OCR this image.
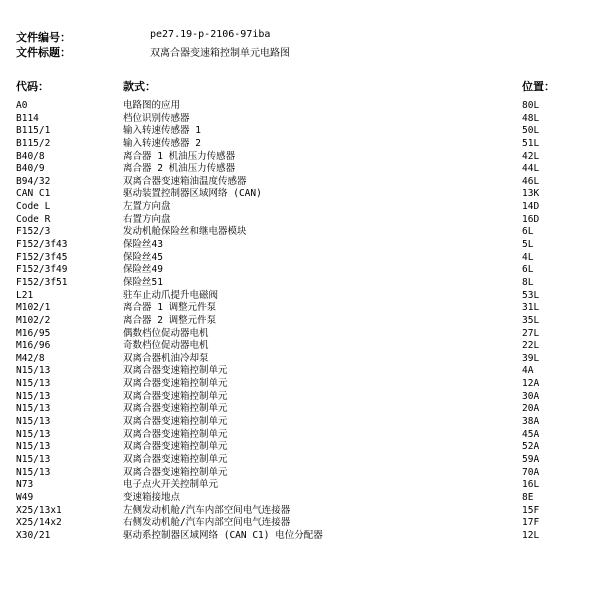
文件编号：	pe27.19-p-2106-97iba
文件标题：	双离合器变速箱控制单元电路图
代码：	款式：	位置：
A0	电路图的应用	80L
B114	档位识别传感器	48L
B115/1	输入转速传感器 1	50L
B115/2	输入转速传感器 2	51L
B40/8	离合器 1 机油压力传感器	42L
B40/9	离合器 2 机油压力传感器	44L
B94/32	双离合器变速箱油温度传感器	46L
CAN C1	驱动装置控制器区域网络 (CAN)	13K
Code L	左置方向盘	14D
Code R	右置方向盘	16D
F152/3	发动机舱保险丝和继电器模块	6L
F152/3f43	保险丝43	5L
F152/3f45	保险丝45	4L
F152/3f49	保险丝49	6L
F152/3f51	保险丝51	8L
L21	驻车止动爪提升电磁阀	53L
M102/1	离合器 1 调整元件泵	31L
M102/2	离合器 2 调整元件泵	35L
M16/95	偶数档位促动器电机	27L
M16/96	奇数档位促动器电机	22L
M42/8	双离合器机油冷却泵	39L
N15/13	双离合器变速箱控制单元	4A
N15/13	双离合器变速箱控制单元	12A
N15/13	双离合器变速箱控制单元	30A
N15/13	双离合器变速箱控制单元	20A
N15/13	双离合器变速箱控制单元	38A
N15/13	双离合器变速箱控制单元	45A
N15/13	双离合器变速箱控制单元	52A
N15/13	双离合器变速箱控制单元	59A
N15/13	双离合器变速箱控制单元	70A
N73	电子点火开关控制单元	16L
W49	变速箱接地点	8E
X25/13x1	左侧发动机舱/汽车内部空间电气连接器	15F
X25/14x2	右侧发动机舱/汽车内部空间电气连接器	17F
X30/21	驱动系控制器区域网络 (CAN C1) 电位分配器	12L
